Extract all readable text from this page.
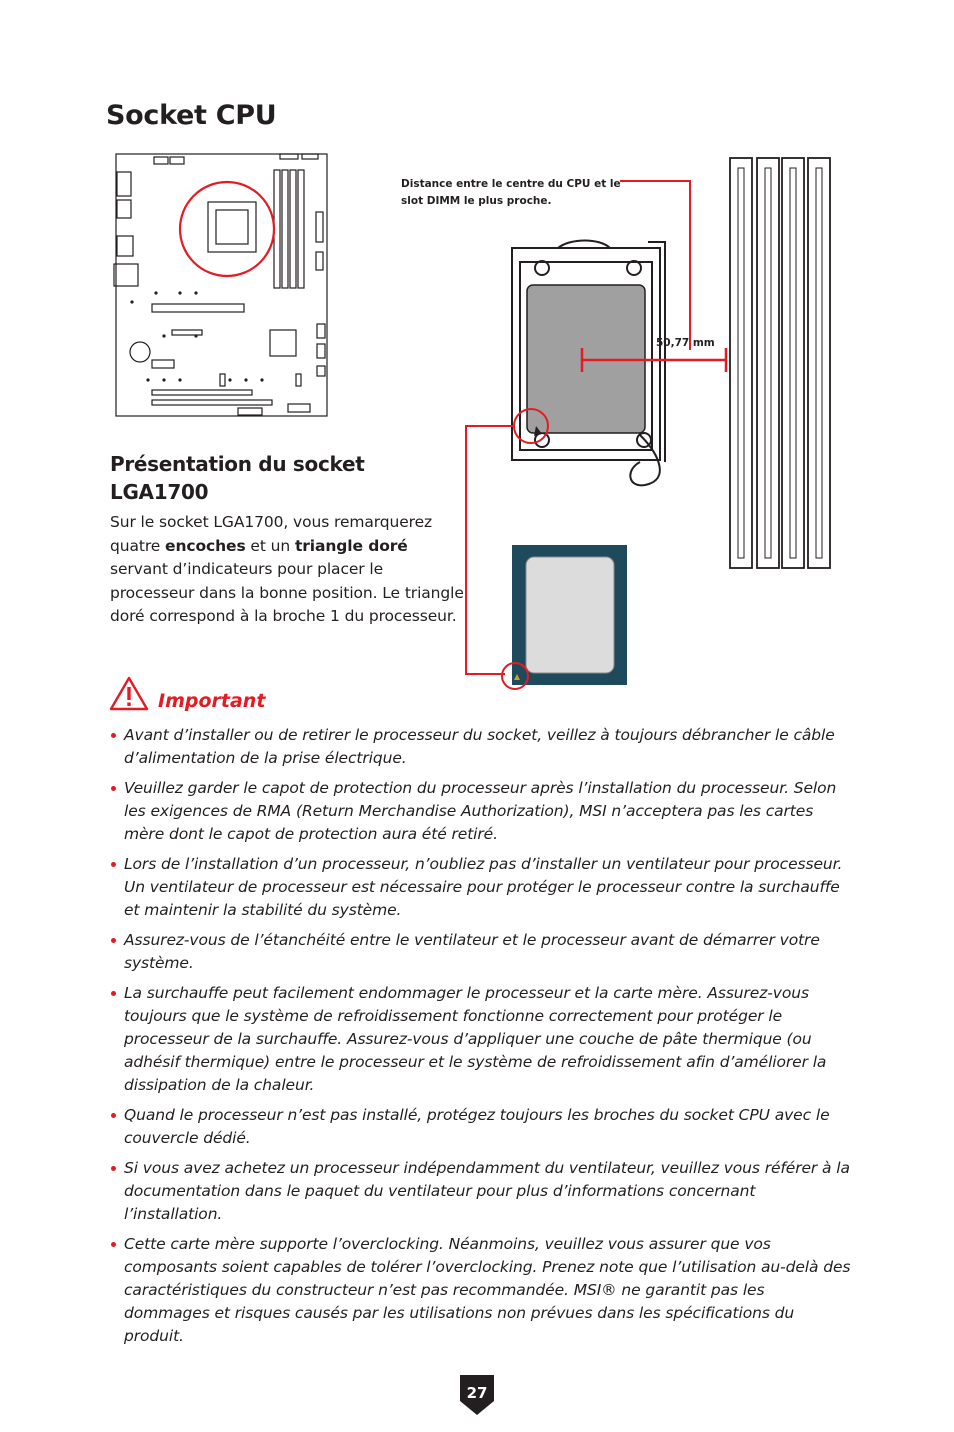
Socket CPU

Distance entre le centre du CPU et le slot DIMM le plus proche.

50,77 mm
Présentation du socket LGA1700

Sur le socket LGA1700, vous remarquerez quatre encoches et un triangle doré servant d’indicateurs pour placer le processeur dans la bonne position. Le triangle doré correspond à la broche 1 du processeur.

Important
Avant d’installer ou de retirer le processeur du socket, veillez à toujours débrancher le câble d’alimentation de la prise électrique.
Veuillez garder le capot de protection du processeur après l’installation du processeur. Selon les exigences de RMA (Return Merchandise Authorization), MSI n’acceptera pas les cartes mère dont le capot de protection aura été retiré.
Lors de l’installation d’un processeur, n’oubliez pas d’installer un ventilateur pour processeur. Un ventilateur de processeur est nécessaire pour protéger le processeur contre la surchauffe et maintenir la stabilité du système.
Assurez-vous de l’étanchéité entre le ventilateur et le processeur avant de démarrer votre système.
La surchauffe peut facilement endommager le processeur et la carte mère. Assurez-vous toujours que le système de refroidissement fonctionne correctement pour protéger le processeur de la surchauffe. Assurez-vous d’appliquer une couche de pâte thermique (ou adhésif thermique) entre le processeur et le système de refroidissement afin d’améliorer la dissipation de la chaleur.
Quand le processeur n’est pas installé, protégez toujours les broches du socket CPU avec le couvercle dédié.
Si vous avez achetez un processeur indépendamment du ventilateur, veuillez vous référer à la documentation dans le paquet du ventilateur pour plus d’informations concernant l’installation.
Cette carte mère supporte l’overclocking. Néanmoins, veuillez vous assurer que vos composants soient capables de tolérer l’overclocking. Prenez note que l’utilisation au-delà des caractéristiques du constructeur n’est pas recommandée. MSI® ne garantit pas les dommages et risques causés par les utilisations non prévues dans les spécifications du produit.
27
